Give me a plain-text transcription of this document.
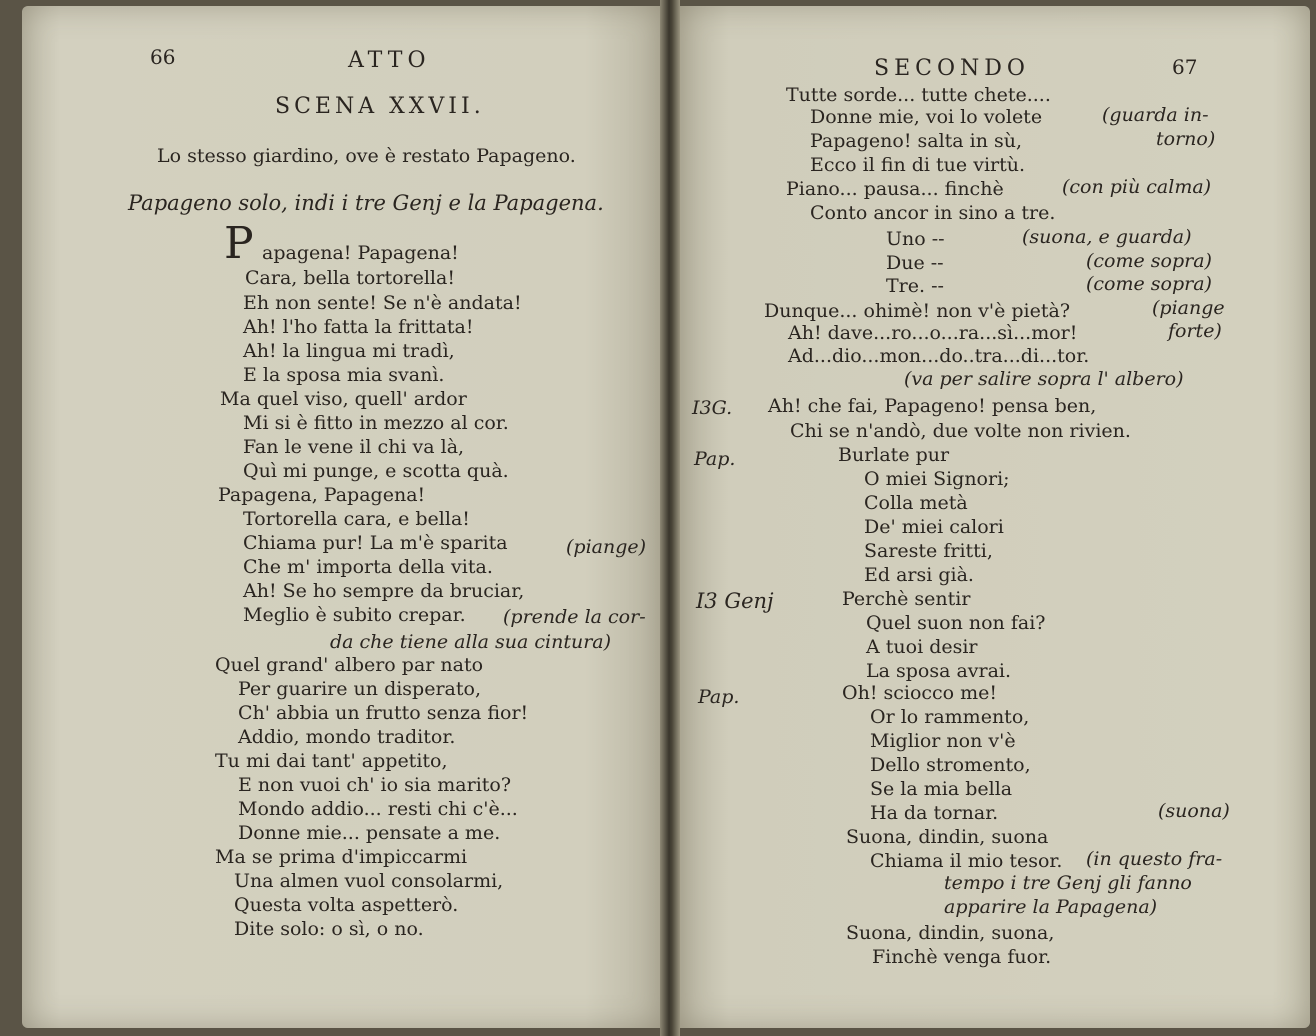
66	ATTO
SCENA XXVII.
Lo stesso giardino, ove è restato Papageno.
Papageno solo, indi i tre Genj e la Papagena.
P apagena! Papagena!
Cara, bella tortorella!
Eh non sente! Se n'è andata!
Ah! l'ho fatta la frittata!
Ah! la lingua mi tradì,
E la sposa mia svanì.
Ma quel viso, quell' ardor
Mi si è fitto in mezzo al cor.
Fan le vene il chi va là,
Quì mi punge, e scotta quà.
Papagena, Papagena!
Tortorella cara, e bella!
Chiama pur! La m'è sparita	(piange)
Che m' importa della vita.
Ah! Se ho sempre da bruciar,
Meglio è subito crepar. (prende la cor-
da che tiene alla sua cintura)
Quel grand' albero par nato
Per guarire un disperato,
Ch' abbia un frutto senza fior!
Addio, mondo traditor.
Tu mi dai tant' appetito,
E non vuoi ch' io sia marito?
Mondo addio... resti chi c'è...
Donne mie... pensate a me.
Ma se prima d'impiccarmi
Una almen vuol consolarmi,
Questa volta aspetterò.
Dite solo: o sì, o no.
SECONDO	67
Tutte sorde... tutte chete....
Donne mie, voi lo volete	(guarda in-
Papageno! salta in sù,	torno)
Ecco il fin di tue virtù.
Piano... pausa... finchè	(con più calma)
Conto ancor in sino a tre.
Uno --	(suona, e guarda)
Due --	(come sopra)
Tre. --	(come sopra)
Dunque... ohimè! non v'è pietà?	(piange
Ah! dave...ro...o...ra...sì...mor!	forte)
Ad...dio...mon...do..tra...di...tor.
(va per salire sopra l' albero)
I3G. Ah! che fai, Papageno! pensa ben,
Chi se n'andò, due volte non rivien.
Pap.	Burlate pur
O miei Signori;
Colla metà
De' miei calori
Sareste fritti,
Ed arsi già.
I3 Genj	Perchè sentir
Quel suon non fai?
A tuoi desir
La sposa avrai.
Pap.	Oh! sciocco me!
Or lo rammento,
Miglior non v'è
Dello stromento,
Se la mia bella
Ha da tornar.	(suona)
Suona, dindin, suona
Chiama il mio tesor. (in questo fra-
tempo i tre Genj gli fanno
apparire la Papagena)
Suona, dindin, suona,
Finchè venga fuor.
